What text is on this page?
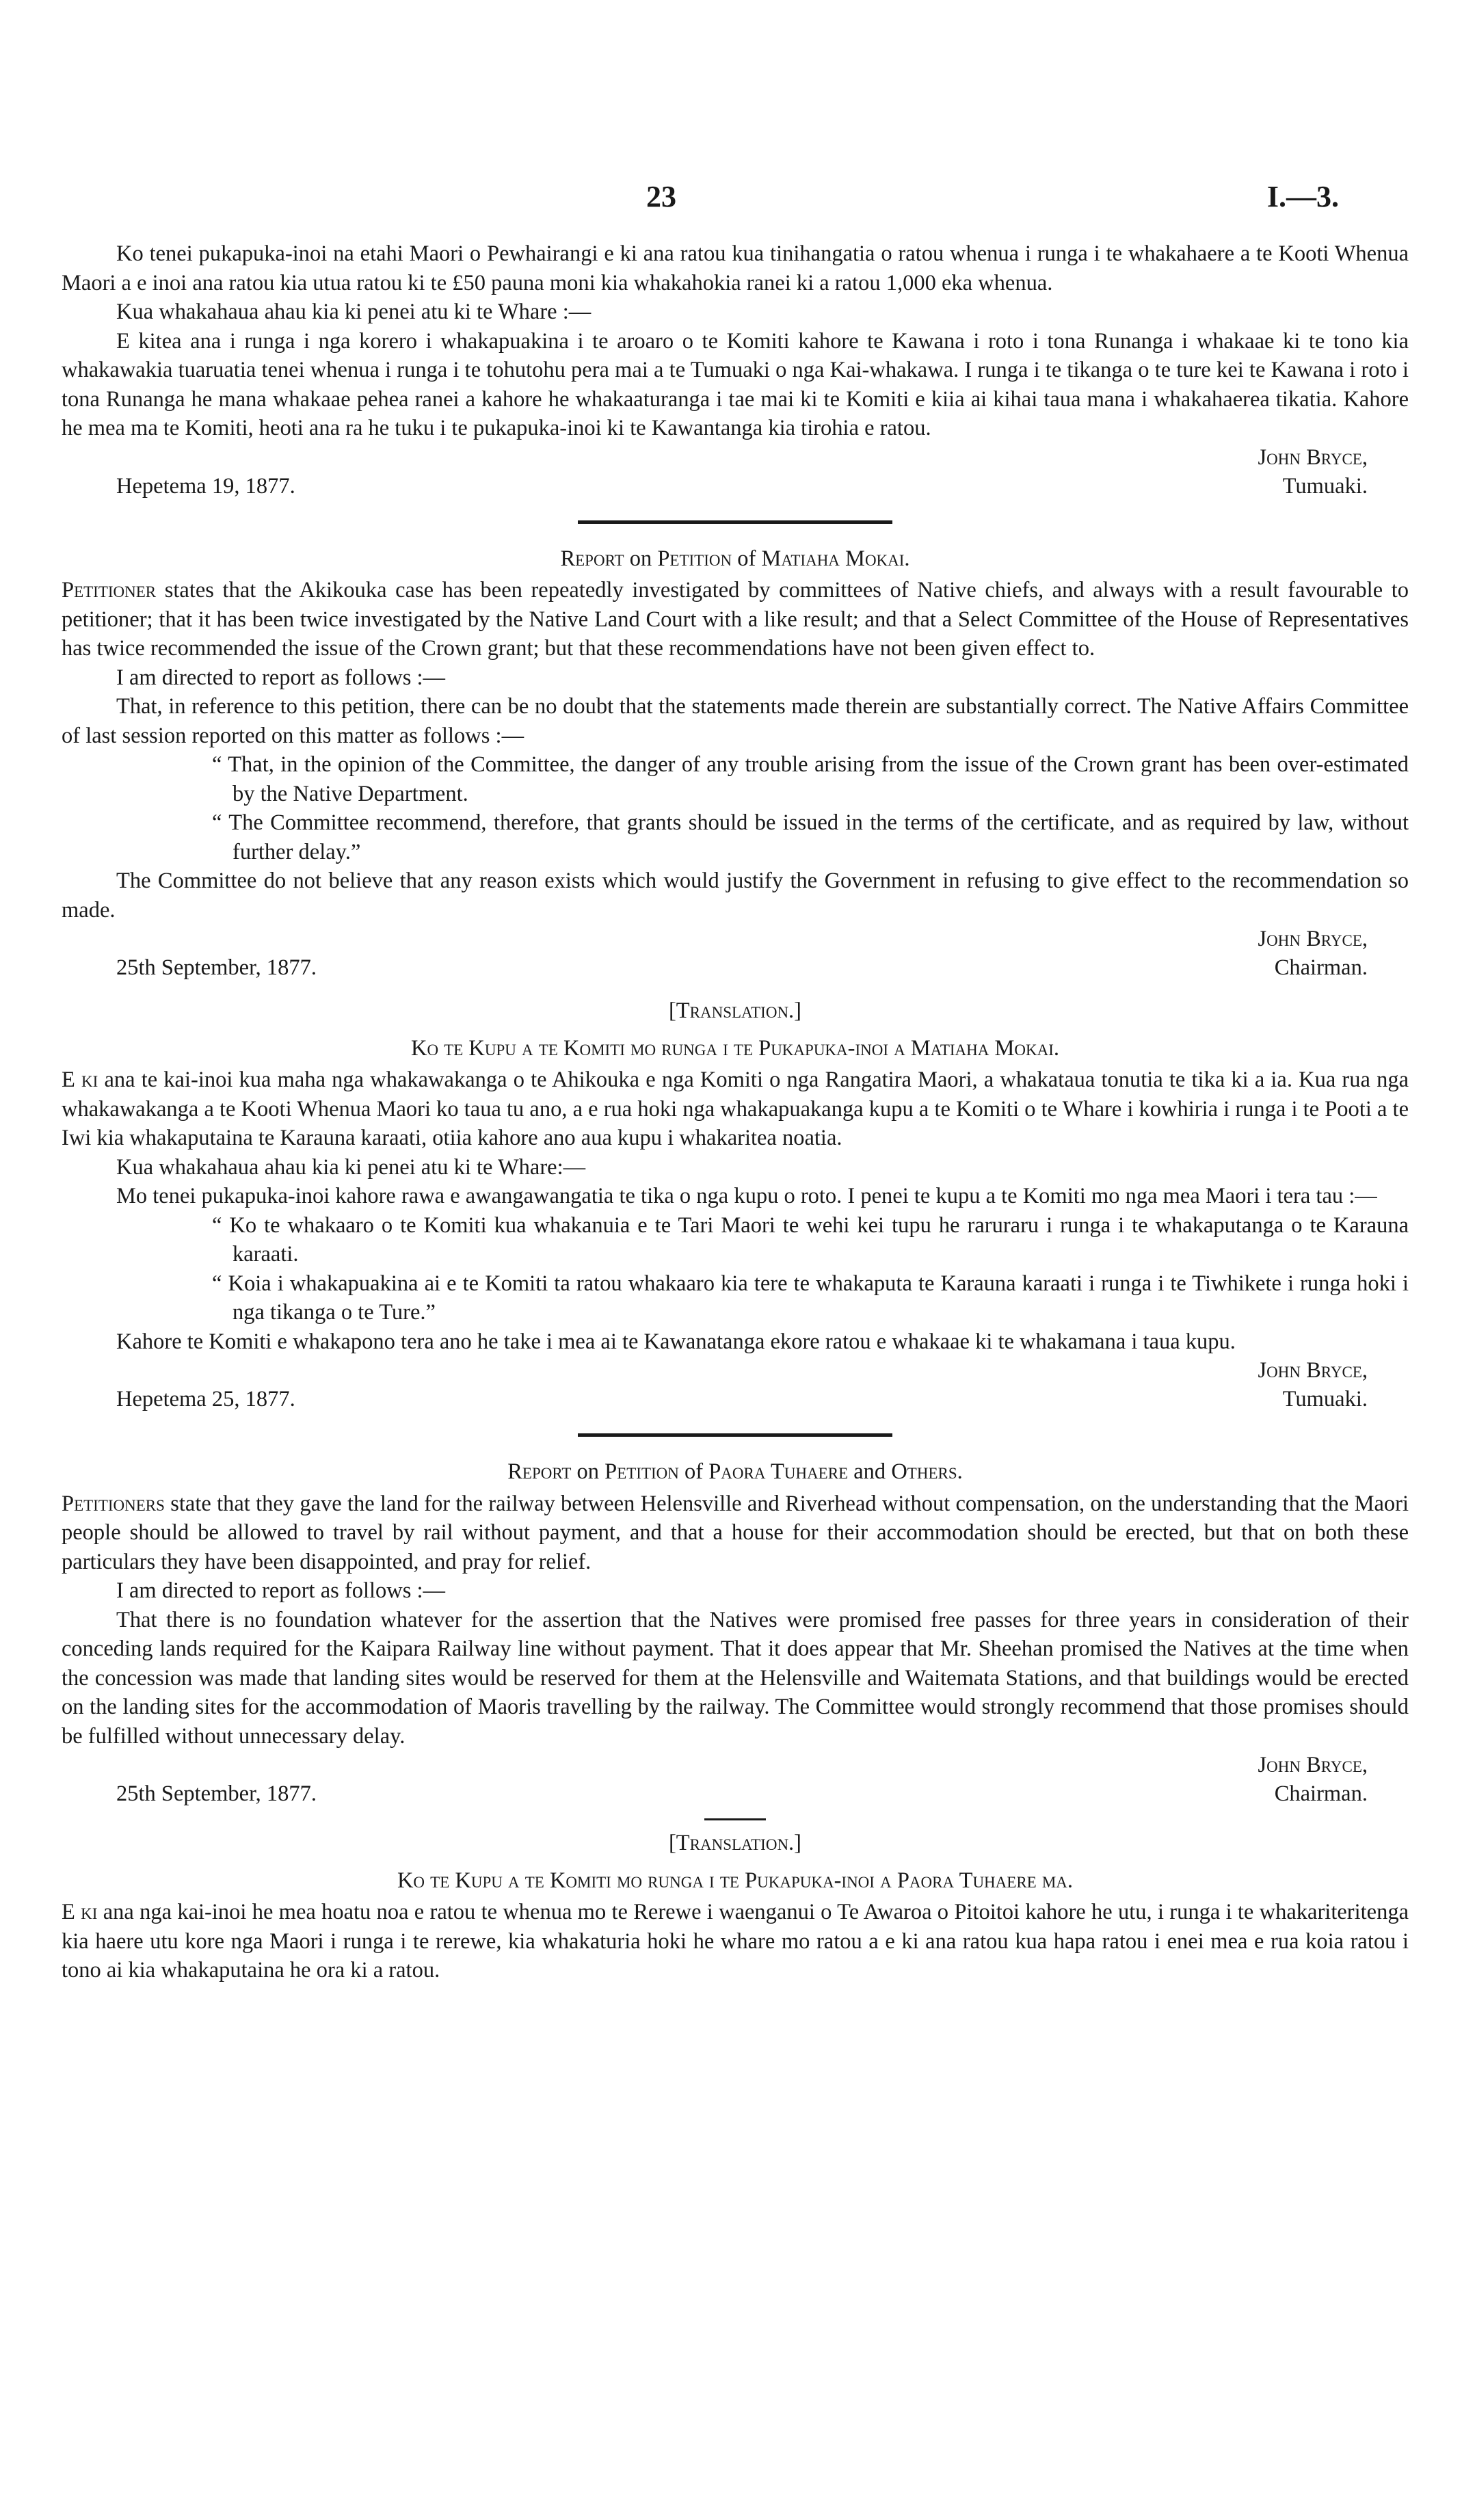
23	I.—3.

Ko tenei pukapuka-inoi na etahi Maori o Pewhairangi e ki ana ratou kua tinihangatia o ratou whenua i runga i te whakahaere a te Kooti Whenua Maori a e inoi ana ratou kia utua ratou ki te £50 pauna moni kia whakahokia ranei ki a ratou 1,000 eka whenua.

Kua whakahaua ahau kia ki penei atu ki te Whare :—

E kitea ana i runga i nga korero i whakapuakina i te aroaro o te Komiti kahore te Kawana i roto i tona Runanga i whakaae ki te tono kia whakawakia tuaruatia tenei whenua i runga i te tohutohu pera mai a te Tumuaki o nga Kai-whakawa. I runga i te tikanga o te ture kei te Kawana i roto i tona Runanga he mana whakaae pehea ranei a kahore he whakaaturanga i tae mai ki te Komiti e kiia ai kihai taua mana i whakahaerea tikatia. Kahore he mea ma te Komiti, heoti ana ra he tuku i te pukapuka-inoi ki te Kawantanga kia tirohia e ratou.

John Bryce,
Tumuaki.
Hepetema 19, 1877.

Report on Petition of Matiaha Mokai.

Petitioner states that the Akikouka case has been repeatedly investigated by committees of Native chiefs, and always with a result favourable to petitioner; that it has been twice investigated by the Native Land Court with a like result; and that a Select Committee of the House of Representatives has twice recommended the issue of the Crown grant; but that these recommendations have not been given effect to.

I am directed to report as follows :—

That, in reference to this petition, there can be no doubt that the statements made therein are substantially correct. The Native Affairs Committee of last session reported on this matter as follows :—

“ That, in the opinion of the Committee, the danger of any trouble arising from the issue of the Crown grant has been over-estimated by the Native Department.

“ The Committee recommend, therefore, that grants should be issued in the terms of the certificate, and as required by law, without further delay.”

The Committee do not believe that any reason exists which would justify the Government in refusing to give effect to the recommendation so made.

John Bryce,
Chairman.
25th September, 1877.

[Translation.]

Ko te Kupu a te Komiti mo runga i te Pukapuka-inoi a Matiaha Mokai.

E ki ana te kai-inoi kua maha nga whakawakanga o te Ahikouka e nga Komiti o nga Rangatira Maori, a whakataua tonutia te tika ki a ia. Kua rua nga whakawakanga a te Kooti Whenua Maori ko taua tu ano, a e rua hoki nga whakapuakanga kupu a te Komiti o te Whare i kowhiria i runga i te Pooti a te Iwi kia whakaputaina te Karauna karaati, otiia kahore ano aua kupu i whakaritea noatia.

Kua whakahaua ahau kia ki penei atu ki te Whare:—

Mo tenei pukapuka-inoi kahore rawa e awangawangatia te tika o nga kupu o roto. I penei te kupu a te Komiti mo nga mea Maori i tera tau :—

“ Ko te whakaaro o te Komiti kua whakanuia e te Tari Maori te wehi kei tupu he raruraru i runga i te whakaputanga o te Karauna karaati.

“ Koia i whakapuakina ai e te Komiti ta ratou whakaaro kia tere te whakaputa te Karauna karaati i runga i te Tiwhikete i runga hoki i nga tikanga o te Ture.”

Kahore te Komiti e whakapono tera ano he take i mea ai te Kawanatanga ekore ratou e whakaae ki te whakamana i taua kupu.

John Bryce,
Tumuaki.
Hepetema 25, 1877.

Report on Petition of Paora Tuhaere and Others.

Petitioners state that they gave the land for the railway between Helensville and Riverhead without compensation, on the understanding that the Maori people should be allowed to travel by rail without payment, and that a house for their accommodation should be erected, but that on both these particulars they have been disappointed, and pray for relief.

I am directed to report as follows :—

That there is no foundation whatever for the assertion that the Natives were promised free passes for three years in consideration of their conceding lands required for the Kaipara Railway line without payment. That it does appear that Mr. Sheehan promised the Natives at the time when the concession was made that landing sites would be reserved for them at the Helensville and Waitemata Stations, and that buildings would be erected on the landing sites for the accommodation of Maoris travelling by the railway. The Committee would strongly recommend that those promises should be fulfilled without unnecessary delay.

John Bryce,
Chairman.
25th September, 1877.

[Translation.]

Ko te Kupu a te Komiti mo runga i te Pukapuka-inoi a Paora Tuhaere ma.

E ki ana nga kai-inoi he mea hoatu noa e ratou te whenua mo te Rerewe i waenganui o Te Awaroa o Pitoitoi kahore he utu, i runga i te whakariteritenga kia haere utu kore nga Maori i runga i te rerewe, kia whakaturia hoki he whare mo ratou a e ki ana ratou kua hapa ratou i enei mea e rua koia ratou i tono ai kia whakaputaina he ora ki a ratou.
